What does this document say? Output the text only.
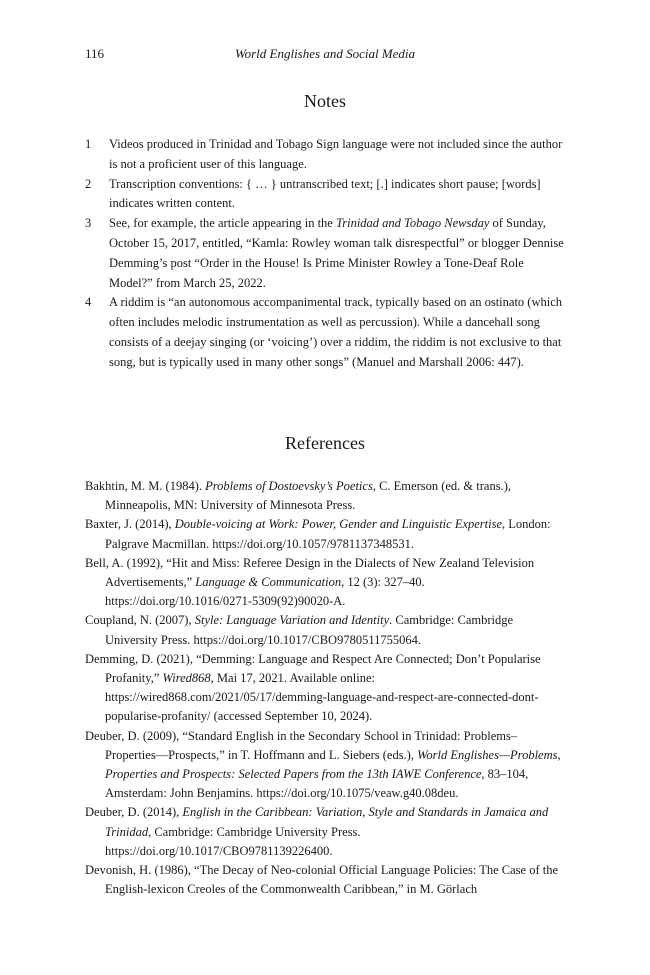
116	World Englishes and Social Media
Notes
1 Videos produced in Trinidad and Tobago Sign language were not included since the author is not a proficient user of this language.
2 Transcription conventions: { … } untranscribed text; [.] indicates short pause; [words] indicates written content.
3 See, for example, the article appearing in the Trinidad and Tobago Newsday of Sunday, October 15, 2017, entitled, “Kamla: Rowley woman talk disrespectful” or blogger Dennise Demming’s post “Order in the House! Is Prime Minister Rowley a Tone-Deaf Role Model?” from March 25, 2022.
4 A riddim is “an autonomous accompanimental track, typically based on an ostinato (which often includes melodic instrumentation as well as percussion). While a dancehall song consists of a deejay singing (or ‘voicing’) over a riddim, the riddim is not exclusive to that song, but is typically used in many other songs” (Manuel and Marshall 2006: 447).
References
Bakhtin, M. M. (1984). Problems of Dostoevsky’s Poetics, C. Emerson (ed. & trans.), Minneapolis, MN: University of Minnesota Press.
Baxter, J. (2014), Double-voicing at Work: Power, Gender and Linguistic Expertise, London: Palgrave Macmillan. https://doi.org/10.1057/9781137348531.
Bell, A. (1992), “Hit and Miss: Referee Design in the Dialects of New Zealand Television Advertisements,” Language & Communication, 12 (3): 327–40. https://doi.org/10.1016/0271-5309(92)90020-A.
Coupland, N. (2007), Style: Language Variation and Identity. Cambridge: Cambridge University Press. https://doi.org/10.1017/CBO9780511755064.
Demming, D. (2021), “Demming: Language and Respect Are Connected; Don’t Popularise Profanity,” Wired868, Mai 17, 2021. Available online: https://wired868.com/2021/05/17/demming-language-and-respect-are-connected-dont-popularise-profanity/ (accessed September 10, 2024).
Deuber, D. (2009), “Standard English in the Secondary School in Trinidad: Problems–Properties—Prospects,” in T. Hoffmann and L. Siebers (eds.), World Englishes—Problems, Properties and Prospects: Selected Papers from the 13th IAWE Conference, 83–104, Amsterdam: John Benjamins. https://doi.org/10.1075/veaw.g40.08deu.
Deuber, D. (2014), English in the Caribbean: Variation, Style and Standards in Jamaica and Trinidad, Cambridge: Cambridge University Press. https://doi.org/10.1017/CBO9781139226400.
Devonish, H. (1986), “The Decay of Neo-colonial Official Language Policies: The Case of the English-lexicon Creoles of the Commonwealth Caribbean,” in M. Görlach
